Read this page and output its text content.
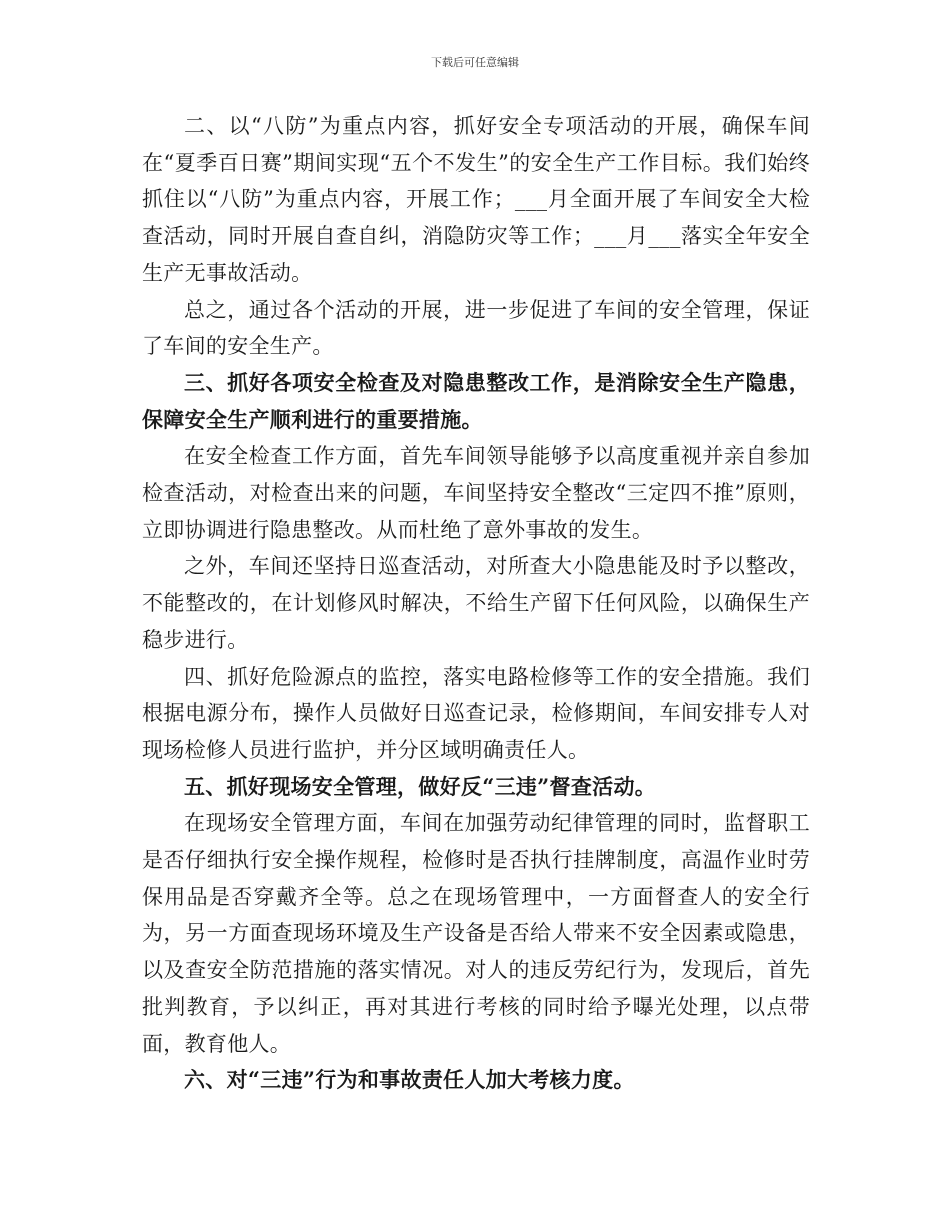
下载后可任意编辑

二、以“八防”为重点内容，抓好安全专项活动的开展，确保车间在“夏季百日赛”期间实现“五个不发生”的安全生产工作目标。我们始终抓住以“八防”为重点内容，开展工作；___月全面开展了车间安全大检查活动，同时开展自查自纠，消隐防灾等工作；___月___落实全年安全生产无事故活动。

总之，通过各个活动的开展，进一步促进了车间的安全管理，保证了车间的安全生产。

三、抓好各项安全检查及对隐患整改工作，是消除安全生产隐患，保障安全生产顺利进行的重要措施。

在安全检查工作方面，首先车间领导能够予以高度重视并亲自参加检查活动，对检查出来的问题，车间坚持安全整改“三定四不推”原则，立即协调进行隐患整改。从而杜绝了意外事故的发生。

之外，车间还坚持日巡查活动，对所查大小隐患能及时予以整改，不能整改的，在计划修风时解决，不给生产留下任何风险，以确保生产稳步进行。

四、抓好危险源点的监控，落实电路检修等工作的安全措施。我们根据电源分布，操作人员做好日巡查记录，检修期间，车间安排专人对现场检修人员进行监护，并分区域明确责任人。

五、抓好现场安全管理，做好反“三违”督查活动。

在现场安全管理方面，车间在加强劳动纪律管理的同时，监督职工是否仔细执行安全操作规程，检修时是否执行挂牌制度，高温作业时劳保用品是否穿戴齐全等。总之在现场管理中，一方面督查人的安全行为，另一方面查现场环境及生产设备是否给人带来不安全因素或隐患，以及查安全防范措施的落实情况。对人的违反劳纪行为，发现后，首先批判教育，予以纠正，再对其进行考核的同时给予曝光处理，以点带面，教育他人。

六、对“三违”行为和事故责任人加大考核力度。
